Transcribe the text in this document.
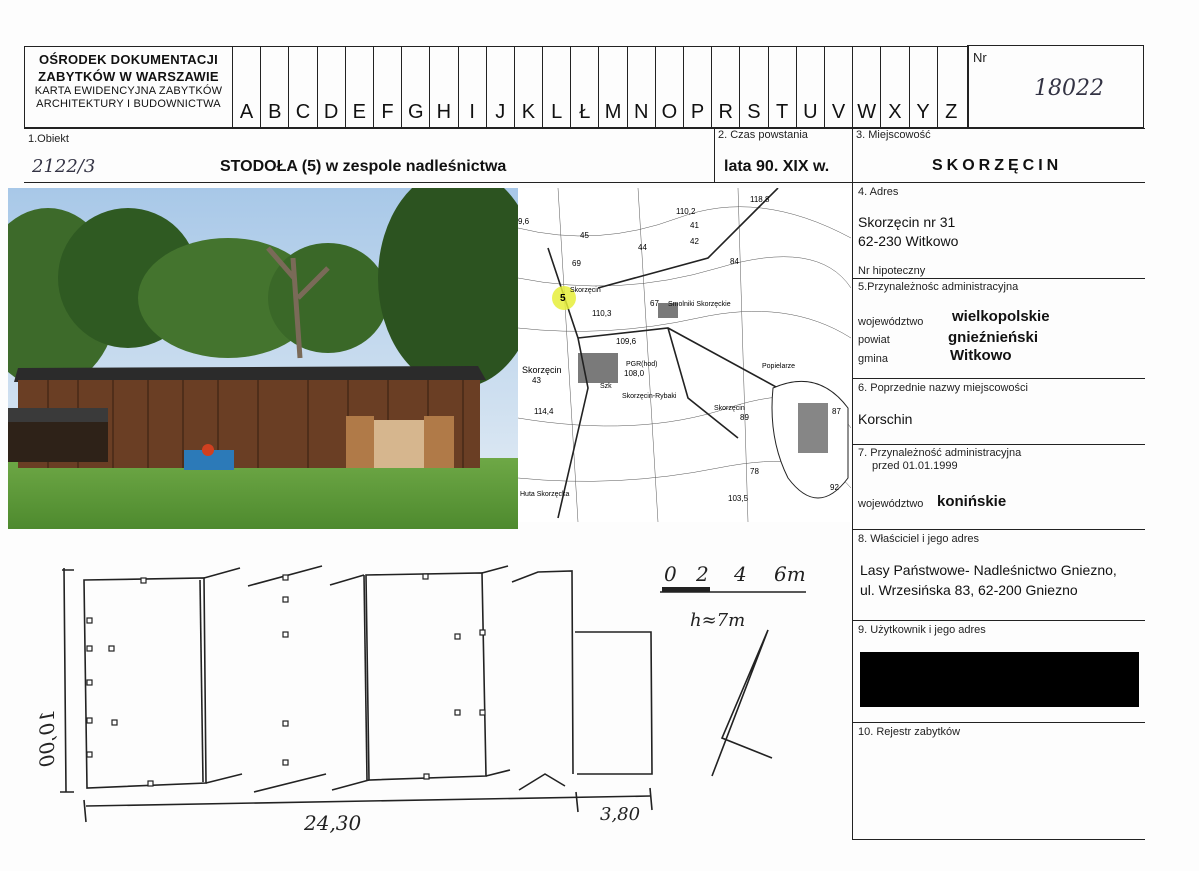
OŚRODEK DOKUMENTACJI
ZABYTKÓW W WARSZAWIE
KARTA EWIDENCYJNA ZABYTKÓW
ARCHITEKTURY I BUDOWNICTWA A B C D E F G H I	J K L Ł M N O P R S T U V W X Y Z
Nr
18022
1.Obiekt
2122/3	STODOŁA (5) w zespole nadleśnictwa
2. Czas powstania
lata 90. XIX w.
3. Miejscowość
SKORZĘCIN
5
Skorzęcin
43
Skorzęcin
Smolniki Skorzęckie
Popielarze
Skorzęcin-Rybaki
Huta Skorzęcka
Skorzęcin
PGR(hod)
Szk
110,2
118,8
103,5
109,6
114,4
108,0
110,3
42
41
45
44
67
69	84
78
89
92
87
9,6
4. Adres
Skorzęcin nr 31
62-230 Witkowo
Nr hipoteczny
5.Przynależnośc administracyjna
województwo wielkopolskie
powiat	gnieźnieński
gmina	Witkowo
6. Poprzednie nazwy miejscowości
Korschin
7. Przynależność administracyjna
przed 01.01.1999
województwo konińskie
8. Właściciel i jego adres
Lasy Państwowe- Nadleśnictwo Gniezno,
ul. Wrzesińska 83, 62-200 Gniezno
9. Użytkownik i jego adres
10. Rejestr zabytków
0 2 4 6m
h≈7m
24,30	3,80
10,00
